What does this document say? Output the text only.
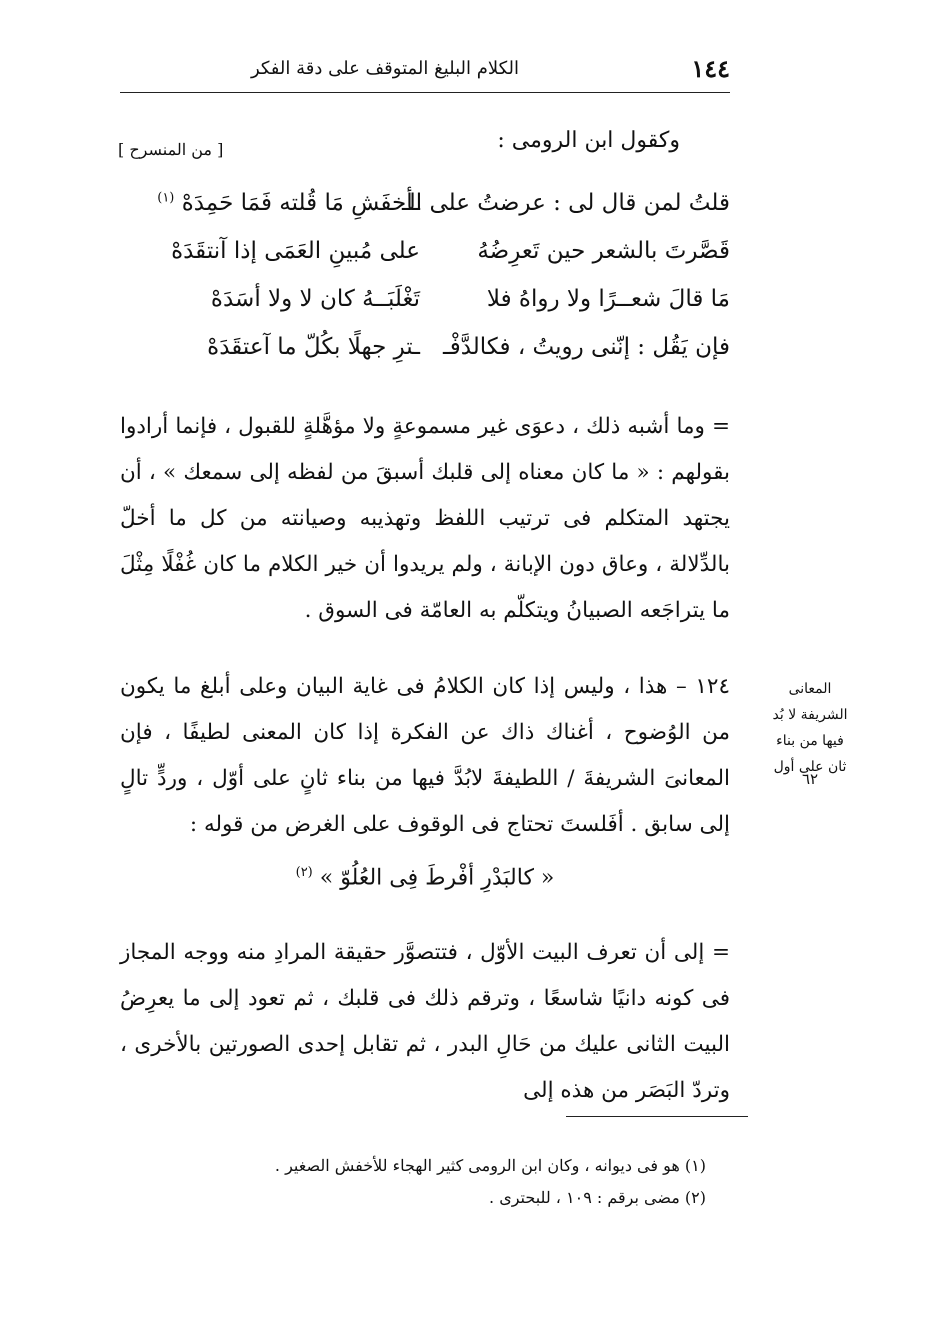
١٤٤
الكلام البليغ المتوقف على دقة الفكر
وكقول ابن الرومى :
[ من المنسرح ]
قلتُ لمن قال لى : عرضتُ على الـ
ـأخفَشِ مَا قُلته فَمَا حَمِدَهْ $^{(١)}$
قَصَّرتَ بالشعر حين تَعرِضُهُ
على مُبينِ العَمَى إذا آنتقَدَهْ
مَا قالَ شعــرًا ولا رواهُ فلا
تَغْلَبَــهُ كان لا ولا أسَدَهْ
فإن يَقُل : إنّنى رويتُ ، فكالدَّفْـ
ـترِ جهلًا بكُلّ ما آعتقَدَهْ
= وما أشبه ذلك ، دعوَى غير مسموعةٍ ولا مؤهَّلةٍ للقبول ، فإنما أرادوا بقولهم : « ما كان معناه إلى قلبك أسبقَ من لفظه إلى سمعك » ، أن يجتهد المتكلم فى ترتيب اللفظ وتهذيبه وصيانته من كل ما أخلّ بالدِّلالة ، وعاق دون الإبانة ، ولم يريدوا أن خير الكلام ما كان غُفْلًا مِثْلَ ما يتراجَعه الصبيانُ ويتكلّم به العامّة فى السوق .
١٢٤ – هذا ، وليس إذا كان الكلامُ فى غاية البيان وعلى أبلغ ما يكون من الوُضوح ، أغناك ذاك عن الفكرة إذا كان المعنى لطيفًا ، فإن المعانىَ الشريفةَ / اللطيفةَ لابُدَّ فيها من بناء ثانٍ على أوّل ، وردٍّ تالٍ إلى سابق . أفَلستَ تحتاج فى الوقوف على الغرض من قوله :
المعانى الشريفة لا بُد فيها من بناء ثان على أول
٦٢
« كالبَدْرِ أفْرطَ فِى العُلُوّ » $^{(٢)}$
= إلى أن تعرف البيت الأوّل ، فتتصوَّر حقيقة المرادِ منه ووجه المجاز فى كونه دانيًا شاسعًا ، وترقم ذلك فى قلبك ، ثم تعود إلى ما يعرِضُ البيت الثانى عليك من حَالِ البدر ، ثم تقابل إحدى الصورتين بالأخرى ، وتردّ البَصَر من هذه إلى
(١) هو فى ديوانه ، وكان ابن الرومى كثير الهجاء للأخفش الصغير .
(٢) مضى برقم : ١٠٩ ، للبحترى .
